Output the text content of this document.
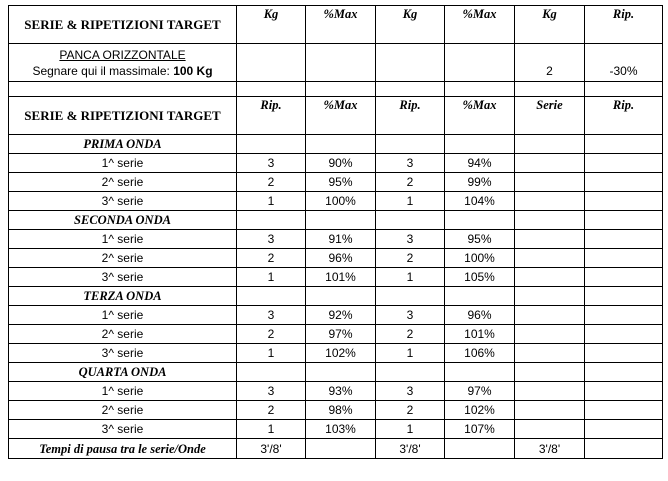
SERIE & RIPETIZIONI TARGET	Kg	%Max	Kg	%Max	Kg	Rip.

PANCA ORIZZONTALE
Segnare qui il massimale: 100 Kg					2	-30%

SERIE & RIPETIZIONI TARGET	Rip.	%Max	Rip.	%Max	Serie	Rip.
PRIMA ONDA						
1^ serie	3	90%	3	94%		
2^ serie	2	95%	2	99%		
3^ serie	1	100%	1	104%		
SECONDA ONDA						
1^ serie	3	91%	3	95%		
2^ serie	2	96%	2	100%		
3^ serie	1	101%	1	105%		
TERZA ONDA						
1^ serie	3	92%	3	96%		
2^ serie	2	97%	2	101%		
3^ serie	1	102%	1	106%		
QUARTA ONDA						
1^ serie	3	93%	3	97%		
2^ serie	2	98%	2	102%		
3^ serie	1	103%	1	107%		
Tempi di pausa tra le serie/Onde	3'/8'		3'/8'		3'/8'	
